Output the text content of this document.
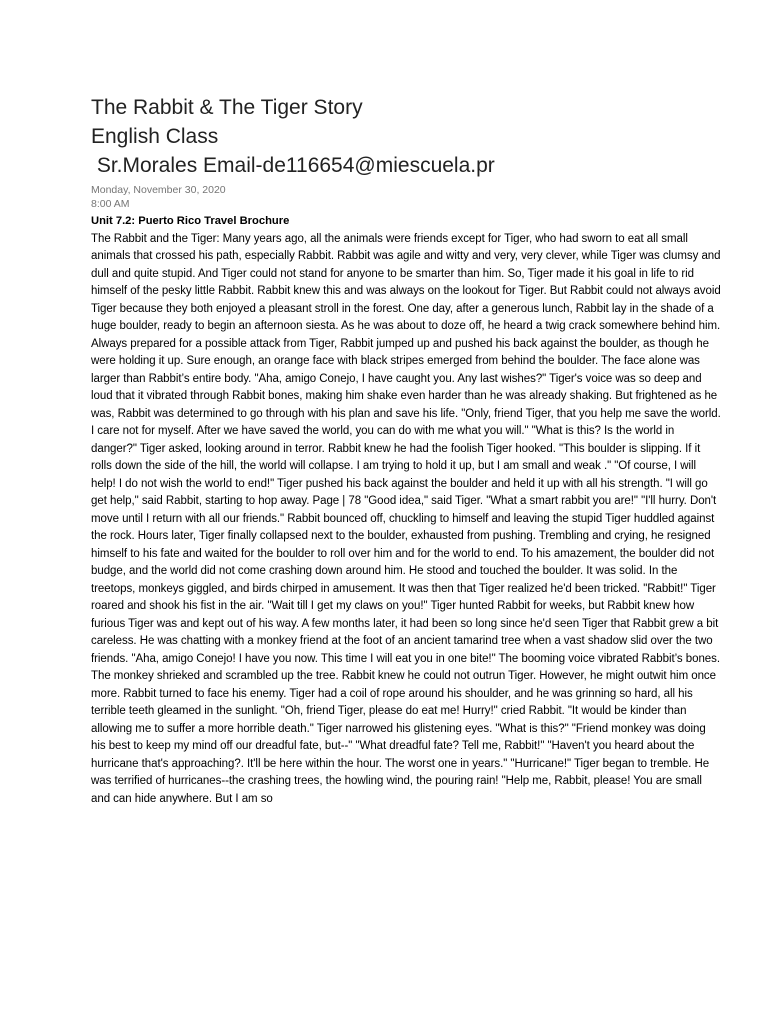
The Rabbit & The Tiger Story
English Class
Sr.Morales Email-de116654@miescuela.pr

Monday, November 30, 2020

8:00 AM

Unit 7.2: Puerto Rico Travel Brochure

The Rabbit and the Tiger: Many years ago, all the animals were friends except for Tiger, who had sworn to eat all small animals that crossed his path, especially Rabbit. Rabbit was agile and witty and very, very clever, while Tiger was clumsy and dull and quite stupid. And Tiger could not stand for anyone to be smarter than him. So, Tiger made it his goal in life to rid himself of the pesky little Rabbit. Rabbit knew this and was always on the lookout for Tiger. But Rabbit could not always avoid Tiger because they both enjoyed a pleasant stroll in the forest. One day, after a generous lunch, Rabbit lay in the shade of a huge boulder, ready to begin an afternoon siesta. As he was about to doze off, he heard a twig crack somewhere behind him. Always prepared for a possible attack from Tiger, Rabbit jumped up and pushed his back against the boulder, as though he were holding it up. Sure enough, an orange face with black stripes emerged from behind the boulder. The face alone was larger than Rabbit’s entire body. "Aha, amigo Conejo, I have caught you. Any last wishes?" Tiger's voice was so deep and loud that it vibrated through Rabbit bones, making him shake even harder than he was already shaking. But frightened as he was, Rabbit was determined to go through with his plan and save his life. "Only, friend Tiger, that you help me save the world. I care not for myself. After we have saved the world, you can do with me what you will." "What is this? Is the world in danger?" Tiger asked, looking around in terror. Rabbit knew he had the foolish Tiger hooked. "This boulder is slipping. If it rolls down the side of the hill, the world will collapse. I am trying to hold it up, but I am small and weak ." "Of course, I will help! I do not wish the world to end!" Tiger pushed his back against the boulder and held it up with all his strength. "I will go get help," said Rabbit, starting to hop away. Page | 78 "Good idea," said Tiger. "What a smart rabbit you are!" "I'll hurry. Don't move until I return with all our friends." Rabbit bounced off, chuckling to himself and leaving the stupid Tiger huddled against the rock. Hours later, Tiger finally collapsed next to the boulder, exhausted from pushing. Trembling and crying, he resigned himself to his fate and waited for the boulder to roll over him and for the world to end. To his amazement, the boulder did not budge, and the world did not come crashing down around him. He stood and touched the boulder. It was solid. In the treetops, monkeys giggled, and birds chirped in amusement. It was then that Tiger realized he'd been tricked. "Rabbit!" Tiger roared and shook his fist in the air. "Wait till I get my claws on you!" Tiger hunted Rabbit for weeks, but Rabbit knew how furious Tiger was and kept out of his way. A few months later, it had been so long since he'd seen Tiger that Rabbit grew a bit careless. He was chatting with a monkey friend at the foot of an ancient tamarind tree when a vast shadow slid over the two friends. "Aha, amigo Conejo! I have you now. This time I will eat you in one bite!" The booming voice vibrated Rabbit’s bones. The monkey shrieked and scrambled up the tree. Rabbit knew he could not outrun Tiger. However, he might outwit him once more. Rabbit turned to face his enemy. Tiger had a coil of rope around his shoulder, and he was grinning so hard, all his terrible teeth gleamed in the sunlight. "Oh, friend Tiger, please do eat me! Hurry!" cried Rabbit. "It would be kinder than allowing me to suffer a more horrible death." Tiger narrowed his glistening eyes. "What is this?" "Friend monkey was doing his best to keep my mind off our dreadful fate, but--" "What dreadful fate? Tell me, Rabbit!" "Haven't you heard about the hurricane that's approaching?. It'll be here within the hour. The worst one in years." "Hurricane!" Tiger began to tremble. He was terrified of hurricanes--the crashing trees, the howling wind, the pouring rain! "Help me, Rabbit, please! You are small and can hide anywhere. But I am so
